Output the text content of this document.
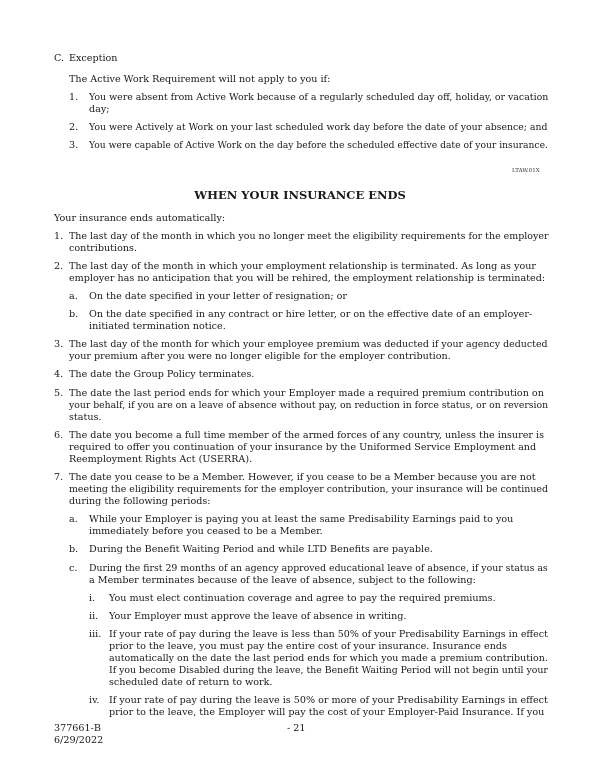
C. Exception
The Active Work Requirement will not apply to you if:
1. You were absent from Active Work because of a regularly scheduled day off, holiday, or vacation
day;
2. You were Actively at Work on your last scheduled work day before the date of your absence; and
3. You were capable of Active Work on the day before the scheduled effective date of your insurance.
LTAW.01X
WHEN YOUR INSURANCE ENDS
Your insurance ends automatically:
1. The last day of the month in which you no longer meet the eligibility requirements for the employer
contributions.
2. The last day of the month in which your employment relationship is terminated. As long as your
employer has no anticipation that you will be rehired, the employment relationship is terminated:
a. On the date specified in your letter of resignation; or
b. On the date specified in any contract or hire letter, or on the effective date of an employer-
initiated termination notice.
3. The last day of the month for which your employee premium was deducted if your agency deducted
your premium after you were no longer eligible for the employer contribution.
4. The date the Group Policy terminates.
5. The date the last period ends for which your Employer made a required premium contribution on
your behalf, if you are on a leave of absence without pay, on reduction in force status, or on reversion
status.
6. The date you become a full time member of the armed forces of any country, unless the insurer is
required to offer you continuation of your insurance by the Uniformed Service Employment and
Reemployment Rights Act (USERRA).
7. The date you cease to be a Member. However, if you cease to be a Member because you are not
meeting the eligibility requirements for the employer contribution, your insurance will be continued
during the following periods:
a. While your Employer is paying you at least the same Predisability Earnings paid to you
immediately before you ceased to be a Member.
b. During the Benefit Waiting Period and while LTD Benefits are payable.
c. During the first 29 months of an agency approved educational leave of absence, if your status as
a Member terminates because of the leave of absence, subject to the following:
i. You must elect continuation coverage and agree to pay the required premiums.
ii. Your Employer must approve the leave of absence in writing.
iii. If your rate of pay during the leave is less than 50% of your Predisability Earnings in effect
prior to the leave, you must pay the entire cost of your insurance. Insurance ends
automatically on the date the last period ends for which you made a premium contribution.
If you become Disabled during the leave, the Benefit Waiting Period will not begin until your
scheduled date of return to work.
iv. If your rate of pay during the leave is 50% or more of your Predisability Earnings in effect
prior to the leave, the Employer will pay the cost of your Employer-Paid Insurance. If you
377661-B
6/29/2022
- 21
